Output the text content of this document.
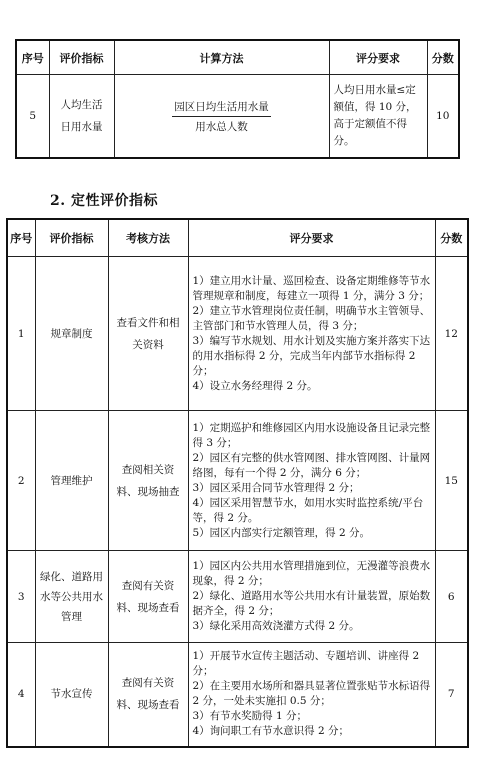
序号	评价指标	计算方法	评分要求	分数
5	人均生活日用水量	$\frac{\text{园区日均生活用水量}}{\text{用水总人数}}$	人均日用水量≤定额值，得 10 分，高于定额值不得分。	10
2. 定性评价指标
序号	评价指标	考核方法	评分要求	分数
1	规章制度	查看文件和相关资料	1）建立用水计量、巡回检查、设备定期维修等节水管理规章和制度，每建立一项得 1 分，满分 3 分；
2）建立节水管理岗位责任制，明确节水主管领导、主管部门和节水管理人员，得 3 分；
3）编写节水规划、用水计划及实施方案并落实下达的用水指标得 2 分，完成当年内部节水指标得 2 分；
4）设立水务经理得 2 分。	12
2	管理维护	查阅相关资料、现场抽查	1）定期巡护和维修园区内用水设施设备且记录完整得 3 分；
2）园区有完整的供水管网图、排水管网图、计量网络图，每有一个得 2 分，满分 6 分；
3）园区采用合同节水管理得 2 分；
4）园区采用智慧节水，如用水实时监控系统/平台等，得 2 分。
5）园区内部实行定额管理，得 2 分。	15
3	绿化、道路用水等公共用水管理	查阅有关资料、现场查看	1）园区内公共用水管理措施到位，无漫灌等浪费水现象，得 2 分；
2）绿化、道路用水等公共用水有计量装置，原始数据齐全，得 2 分；
3）绿化采用高效浇灌方式得 2 分。	6
4	节水宣传	查阅有关资料、现场查看	1）开展节水宣传主题活动、专题培训、讲座得 2 分；
2）在主要用水场所和器具显著位置张贴节水标语得 2 分，一处未实施扣 0.5 分；
3）有节水奖励得 1 分；
4）询问职工有节水意识得 2 分；	7
